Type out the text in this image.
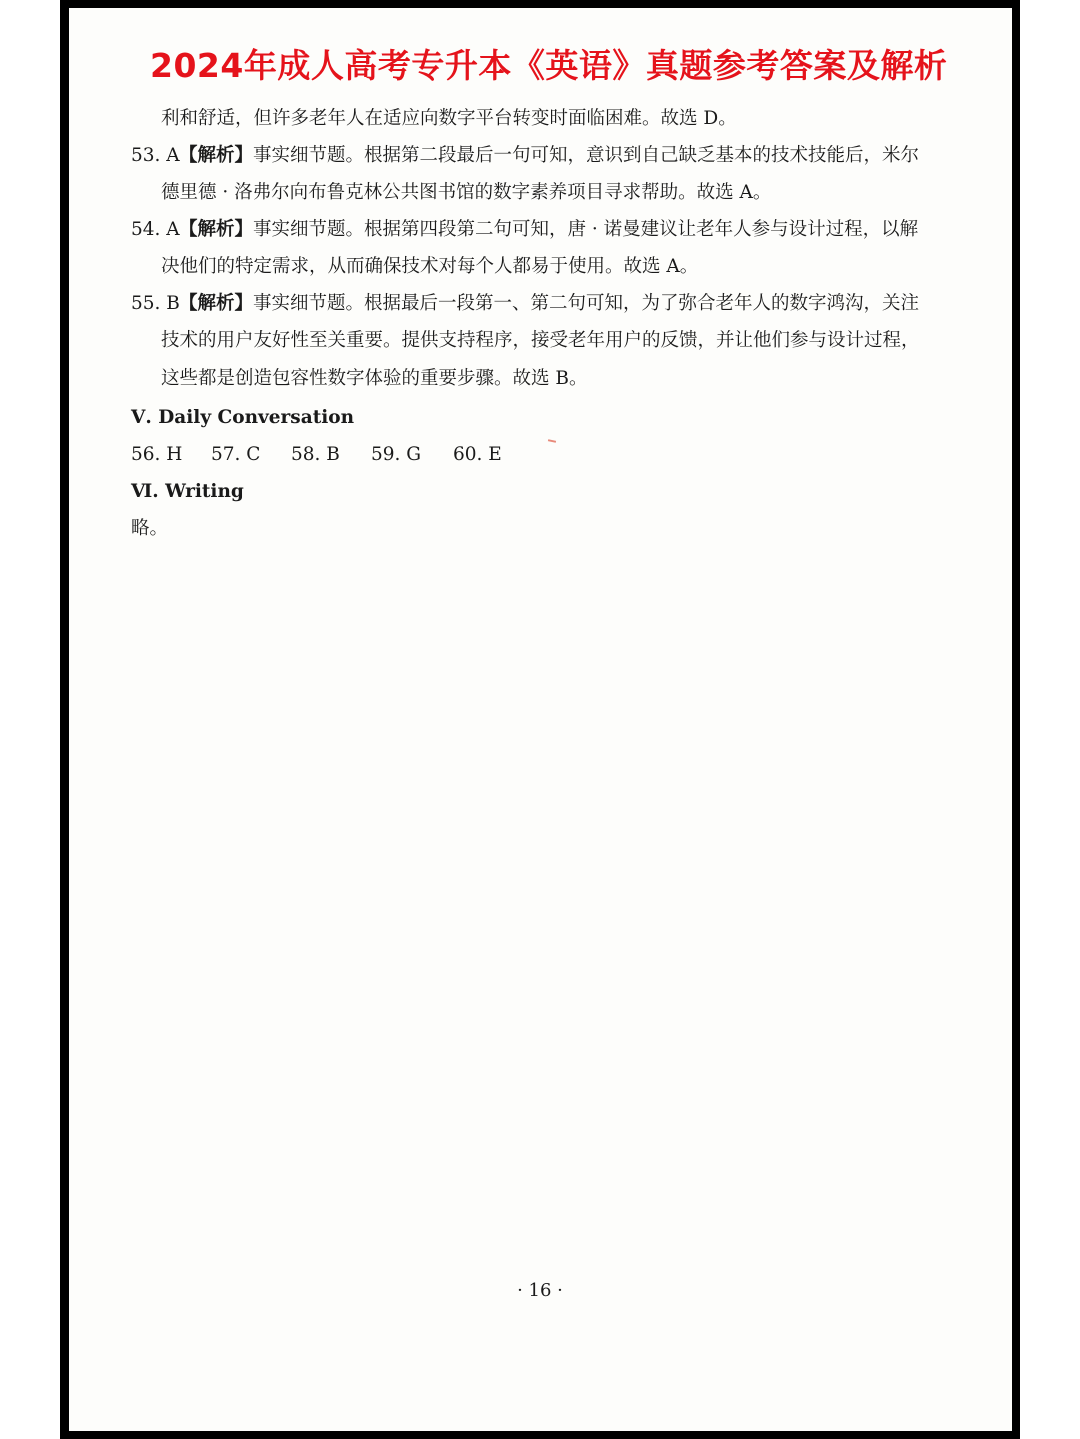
2024年成人高考专升本《英语》真题参考答案及解析

利和舒适，但许多老年人在适应向数字平台转变时面临困难。故选 D。

53. A 【解析】事实细节题。根据第二段最后一句可知，意识到自己缺乏基本的技术技能后，米尔
德里德 · 洛弗尔向布鲁克林公共图书馆的数字素养项目寻求帮助。故选 A。
54. A 【解析】事实细节题。根据第四段第二句可知，唐 · 诺曼建议让老年人参与设计过程，以解
决他们的特定需求，从而确保技术对每个人都易于使用。故选 A。
55. B 【解析】事实细节题。根据最后一段第一、第二句可知，为了弥合老年人的数字鸿沟，关注
技术的用户友好性至关重要。提供支持程序，接受老年用户的反馈，并让他们参与设计过程，
这些都是创造包容性数字体验的重要步骤。故选 B。
Ⅴ. Daily Conversation
56. H 57. C 58. B 59. G 60. E
Ⅵ. Writing
略。
· 16 ·
